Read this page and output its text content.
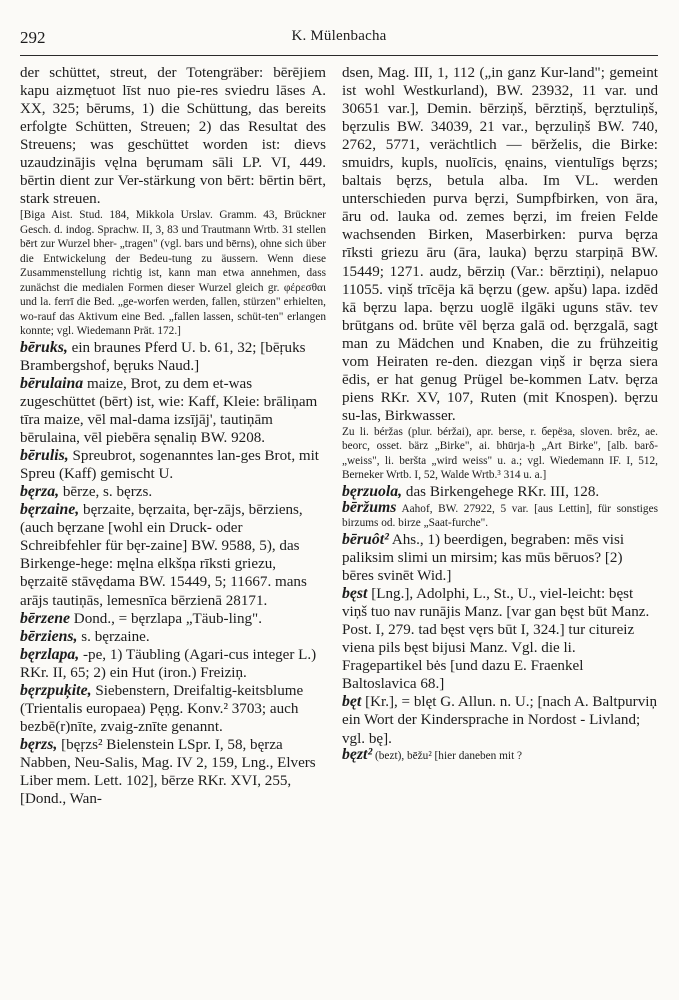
292	K. Mülenbacha

der schüttet, streut, der Totengräber: bērējiem kapu aizmętuot līst nuo pie-res sviedru lāses A. XX, 325; bērums, 1) die Schüttung, das bereits erfolgte Schütten, Streuen; 2) das Resultat des Streuens; was geschüttet worden ist: dievs uzaudzinājis vęlna bęrumam sāli LP. VI, 449. bērtin dient zur Ver-stärkung von bērt: bērtin bērt, stark streuen.

[Biga Aist. Stud. 184, Mikkola Urslav. Gramm. 43, Brückner Gesch. d. indog. Sprachw. II, 3, 83 und Trautmann Wrtb. 31 stellen bērt zur Wurzel bher- „tragen" (vgl. bars und bērns), ohne sich über die Entwickelung der Bedeu-tung zu äussern. Wenn diese Zusammenstellung richtig ist, kann man etwa annehmen, dass zunächst die medialen Formen dieser Wurzel gleich gr. φέρεσθαι und la. ferrī die Bed. „ge-worfen werden, fallen, stürzen" erhielten, wo-rauf das Aktivum eine Bed. „fallen lassen, schüt-ten" erlangen konnte; vgl. Wiedemann Prät. 172.]

bēruks, ein braunes Pferd U. b. 61, 32; [bēŗuks Brambergshof, bęŗuks Naud.]

bērulaina maize, Brot, zu dem et-was zugeschüttet (bērt) ist, wie: Kaff, Kleie: brāliņam tīra maize, vēl mal-dama izsījāj', tautiņām bērulaina, vēl piebēra sęnaliņ BW. 9208.

bērulis, Spreubrot, sogenanntes lan-ges Brot, mit Spreu (Kaff) gemischt U.

bęrza, bērze, s. bęrzs.

bęrzaine, bęrzaite, bęrzaita, bęr-zājs, bērziens, (auch bęrzane [wohl ein Druck- oder Schreibfehler für bęr-zaine] BW. 9588, 5), das Birkenge-hege: męlna elkšņa rīksti griezu, bęrzaitē stāvędama BW. 15449, 5; 11667. mans arājs tautiņās, lemesnīca bērzienā 28171.

bērzene Dond., = bęrzlapa „Täub-ling".

bērziens, s. bęrzaine.

bęrzlapa, -pe, 1) Täubling (Agari-cus integer L.) RKr. II, 65; 2) ein Hut (iron.) Freiziņ.

bęrzpuķite, Siebenstern, Dreifaltig-keitsblume (Trientalis europaea) Pęņg. Konv.² 3703; auch bezbē(r)nīte, zvaig-znīte genannt.

bęrzs, [bęŗzs² Bielenstein LSpr. I, 58, bęrza Nabben, Neu-Salis, Mag. IV 2, 159, Lng., Elvers Liber mem. Lett. 102], bērze RKr. XVI, 255, [Dond., Wan-

dsen, Mag. III, 1, 112 („in ganz Kur-land"; gemeint ist wohl Westkurland), BW. 23932, 11 var. und 30651 var.], Demin. bērziņš, bērztiņš, bęrztuliņš, bęrzulis BW. 34039, 21 var., bęrzuliņš BW. 740, 2762, 5771, verächtlich — bērželis, die Birke: smuidrs, kupls, nuolīcis, ęnains, vientulīgs bęrzs; baltais bęrzs, betula alba. Im VL. werden unterschieden purva bęrzi, Sumpfbirken, von āra, āru od. lauka od. zemes bęrzi, im freien Felde wachsenden Birken, Maserbirken: purva bęrza rīksti griezu āru (āra, lauka) bęrzu starpiņā BW. 15449; 1271. audz, bērziņ (Var.: bērztiņi), nelapuo 11055. viņš trīcēja kā bęrzu (gew. apšu) lapa. izdēd kā bęrzu lapa. bęrzu uoglē ilgāki uguns stāv. tev brūtgans od. brūte vēl bęrza galā od. bęrzgalā, sagt man zu Mädchen und Knaben, die zu frühzeitig vom Heiraten re-den. diezgan viņš ir bęrza siera ēdis, er hat genug Prügel be-kommen Latv. bęrza piens RKr. XV, 107, Ruten (mit Knospen). bęrzu su-las, Birkwasser.

Zu li. béržas (plur. béržai), apr. berse, r. берёза, sloven. brêz, ae. beorc, osset. bärz „Birke", ai. bhūrja-ḥ „Art Birke", [alb. barδ- „weiss", li. beršta „wird weiss" u. a.; vgl. Wiedemann IF. I, 512, Berneker Wrtb. I, 52, Walde Wrtb.³ 314 u. a.]

bęrzuola, das Birkengehege RKr. III, 128.

bēržums Aahof, BW. 27922, 5 var. [aus Lettin], für sonstiges birzums od. birze „Saat-furche".

bēruôt² Ahs., 1) beerdigen, begraben: mēs visi paliksim slimi un mirsim; kas mūs bēruos? [2) bēres svinēt Wid.]

bęst [Lng.], Adolphi, L., St., U., viel-leicht: bęst viņš tuo nav runājis Manz. [var gan bęst būt Manz. Post. I, 279. tad bęst vęrs būt I, 324.] tur citureiz viena pils bęst bijusi Manz. Vgl. die li. Fragepartikel bės [und dazu E. Fraenkel Baltoslavica 68.]

bęt [Kr.], = blęt G. Allun. n. U.; [nach A. Baltpurviņ ein Wort der Kindersprache in Nordost - Livland; vgl. bę].

bęzt² (bezt), bēžu² [hier daneben mit ?
